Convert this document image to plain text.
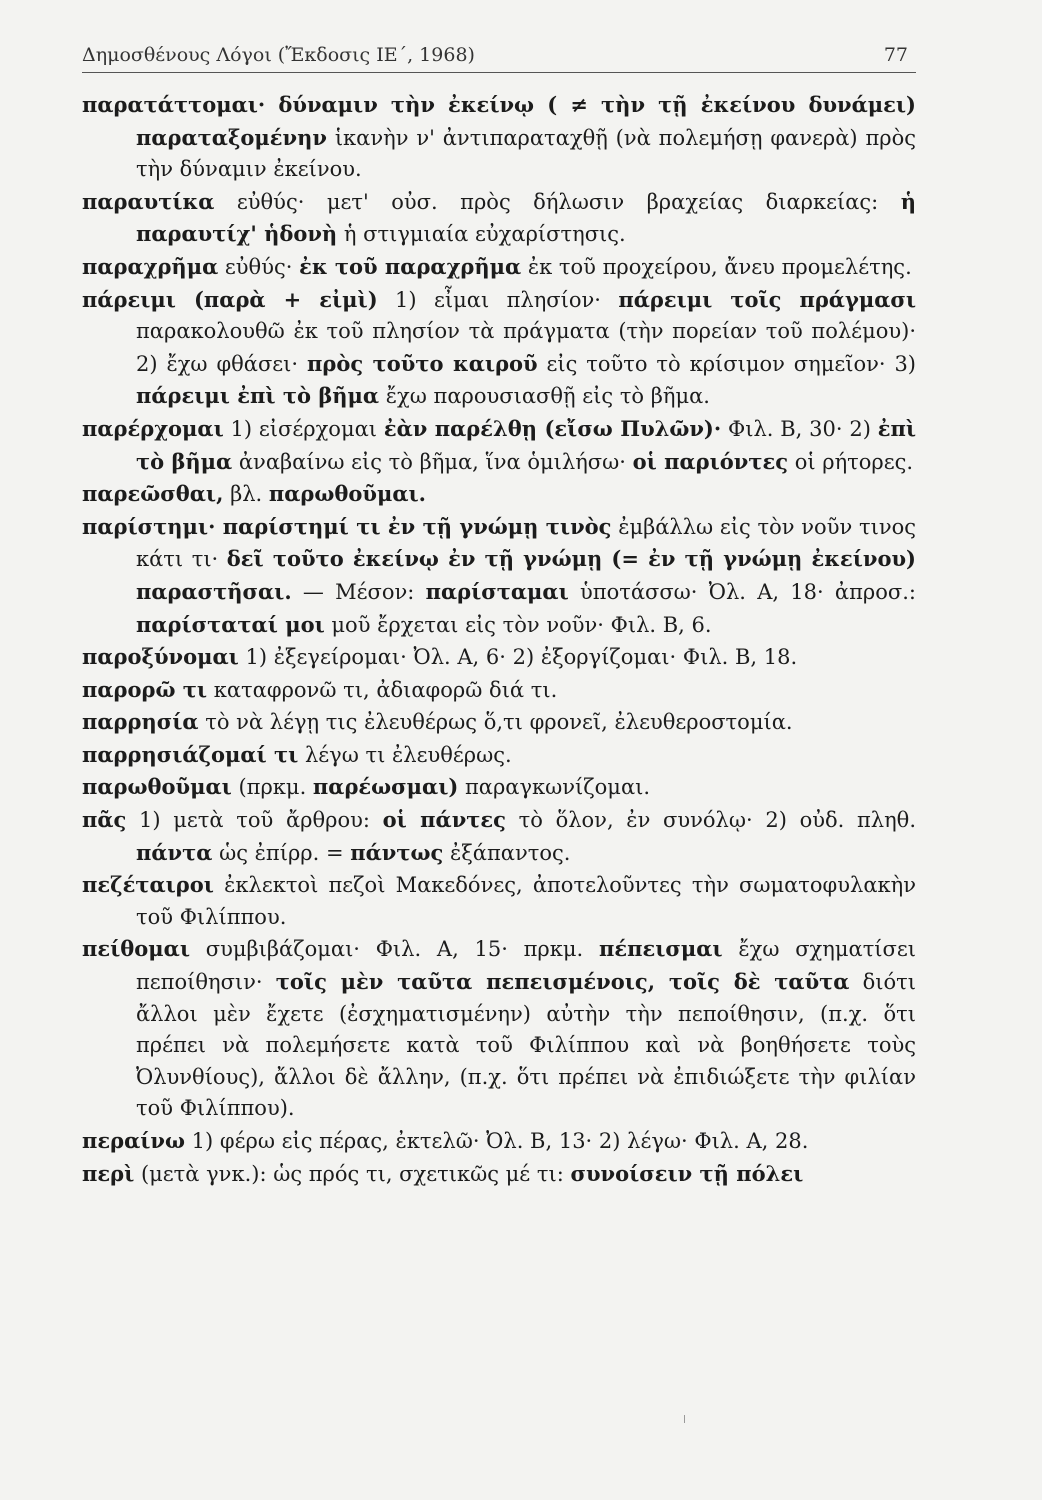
Δημοσθένους Λόγοι (Ἔκδοσις ΙΕ΄, 1968)	77

παρατάττομαι· δύναμιν τὴν ἐκείνῳ ( ≠ τὴν τῇ ἐκείνου δυνάμει) παραταξομένην ἱκανὴν ν' ἀντιπαραταχθῇ (νὰ πολεμήσῃ φανερὰ) πρὸς τὴν δύναμιν ἐκείνου.

παραυτίκα εὐθύς· μετ' οὐσ. πρὸς δήλωσιν βραχείας διαρκείας: ἡ παραυτίχ' ἡδονὴ ἡ στιγμιαία εὐχαρίστησις.

παραχρῆμα εὐθύς· ἐκ τοῦ παραχρῆμα ἐκ τοῦ προχείρου, ἄνευ προμελέτης.

πάρειμι (παρὰ + εἰμὶ) 1) εἶμαι πλησίον· πάρειμι τοῖς πράγμασι παρακολουθῶ ἐκ τοῦ πλησίον τὰ πράγματα (τὴν πορείαν τοῦ πολέμου)· 2) ἔχω φθάσει· πρὸς τοῦτο καιροῦ εἰς τοῦτο τὸ κρίσιμον σημεῖον· 3) πάρειμι ἐπὶ τὸ βῆμα ἔχω παρουσιασθῇ εἰς τὸ βῆμα.

παρέρχομαι 1) εἰσέρχομαι ἐὰν παρέλθῃ (εἴσω Πυλῶν)· Φιλ. Β, 30· 2) ἐπὶ τὸ βῆμα ἀναβαίνω εἰς τὸ βῆμα, ἵνα ὁμιλήσω· οἱ παριόντες οἱ ρήτορες.

παρεῶσθαι, βλ. παρωθοῦμαι.

παρίστημι· παρίστημί τι ἐν τῇ γνώμῃ τινὸς ἐμβάλλω εἰς τὸν νοῦν τινος κάτι τι· δεῖ τοῦτο ἐκείνῳ ἐν τῇ γνώμῃ (= ἐν τῇ γνώμῃ ἐκείνου) παραστῆσαι. — Μέσον: παρίσταμαι ὑποτάσσω· Ὀλ. Α, 18· ἀπροσ.: παρίσταταί μοι μοῦ ἔρχεται εἰς τὸν νοῦν· Φιλ. Β, 6.

παροξύνομαι 1) ἐξεγείρομαι· Ὀλ. Α, 6· 2) ἐξοργίζομαι· Φιλ. Β, 18.

παρορῶ τι καταφρονῶ τι, ἀδιαφορῶ διά τι.

παρρησία τὸ νὰ λέγῃ τις ἐλευθέρως ὅ,τι φρονεῖ, ἐλευθεροστομία.

παρρησιάζομαί τι λέγω τι ἐλευθέρως.

παρωθοῦμαι (πρκμ. παρέωσμαι) παραγκωνίζομαι.

πᾶς 1) μετὰ τοῦ ἄρθρου: οἱ πάντες τὸ ὅλον, ἐν συνόλῳ· 2) οὐδ. πληθ. πάντα ὡς ἐπίρρ. = πάντως ἐξάπαντος.

πεζέταιροι ἐκλεκτοὶ πεζοὶ Μακεδόνες, ἀποτελοῦντες τὴν σωματοφυλακὴν τοῦ Φιλίππου.

πείθομαι συμβιβάζομαι· Φιλ. Α, 15· πρκμ. πέπεισμαι ἔχω σχηματίσει πεποίθησιν· τοῖς μὲν ταῦτα πεπεισμένοις, τοῖς δὲ ταῦτα διότι ἄλλοι μὲν ἔχετε (ἐσχηματισμένην) αὐτὴν τὴν πεποίθησιν, (π.χ. ὅτι πρέπει νὰ πολεμήσετε κατὰ τοῦ Φιλίππου καὶ νὰ βοηθήσετε τοὺς Ὀλυνθίους), ἄλλοι δὲ ἄλλην, (π.χ. ὅτι πρέπει νὰ ἐπιδιώξετε τὴν φιλίαν τοῦ Φιλίππου).

περαίνω 1) φέρω εἰς πέρας, ἐκτελῶ· Ὀλ. Β, 13· 2) λέγω· Φιλ. Α, 28.

περὶ (μετὰ γνκ.): ὡς πρός τι, σχετικῶς μέ τι: συνοίσειν τῇ πόλει
